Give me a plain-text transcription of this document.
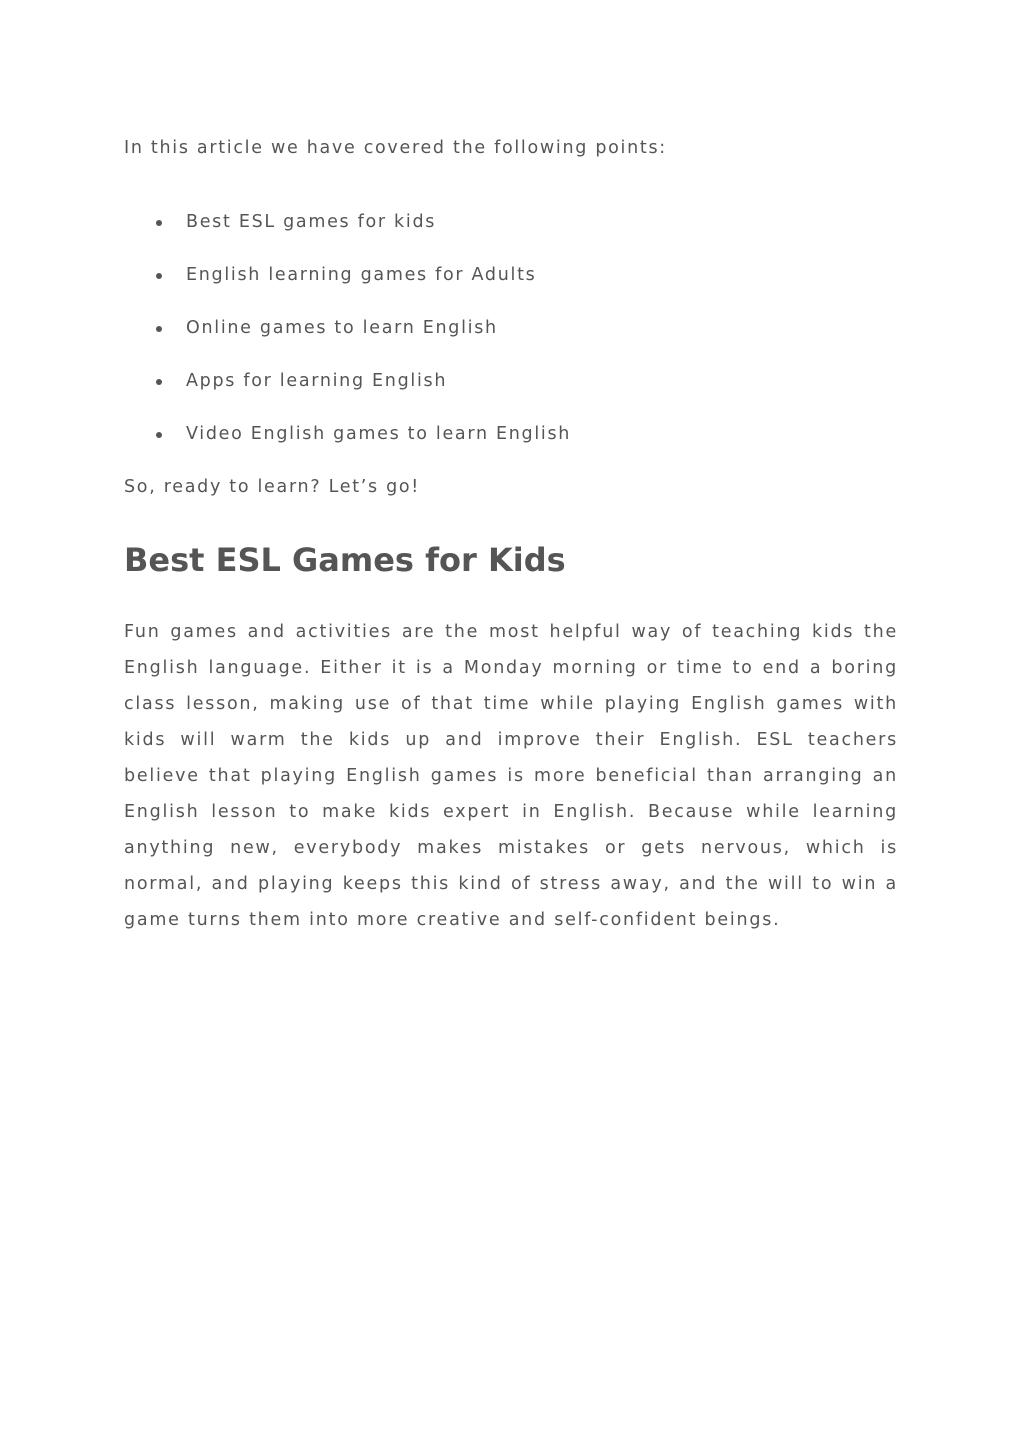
In this article we have covered the following points:

Best ESL games for kids
English learning games for Adults
Online games to learn English
Apps for learning English
Video English games to learn English

So, ready to learn? Let’s go!

Best ESL Games for Kids

Fun games and activities are the most helpful way of teaching kids the English language. Either it is a Monday morning or time to end a boring class lesson, making use of that time while playing English games with kids will warm the kids up and improve their English. ESL teachers believe that playing English games is more beneficial than arranging an English lesson to make kids expert in English. Because while learning anything new, everybody makes mistakes or gets nervous, which is normal, and playing keeps this kind of stress away, and the will to win a game turns them into more creative and self-confident beings.
